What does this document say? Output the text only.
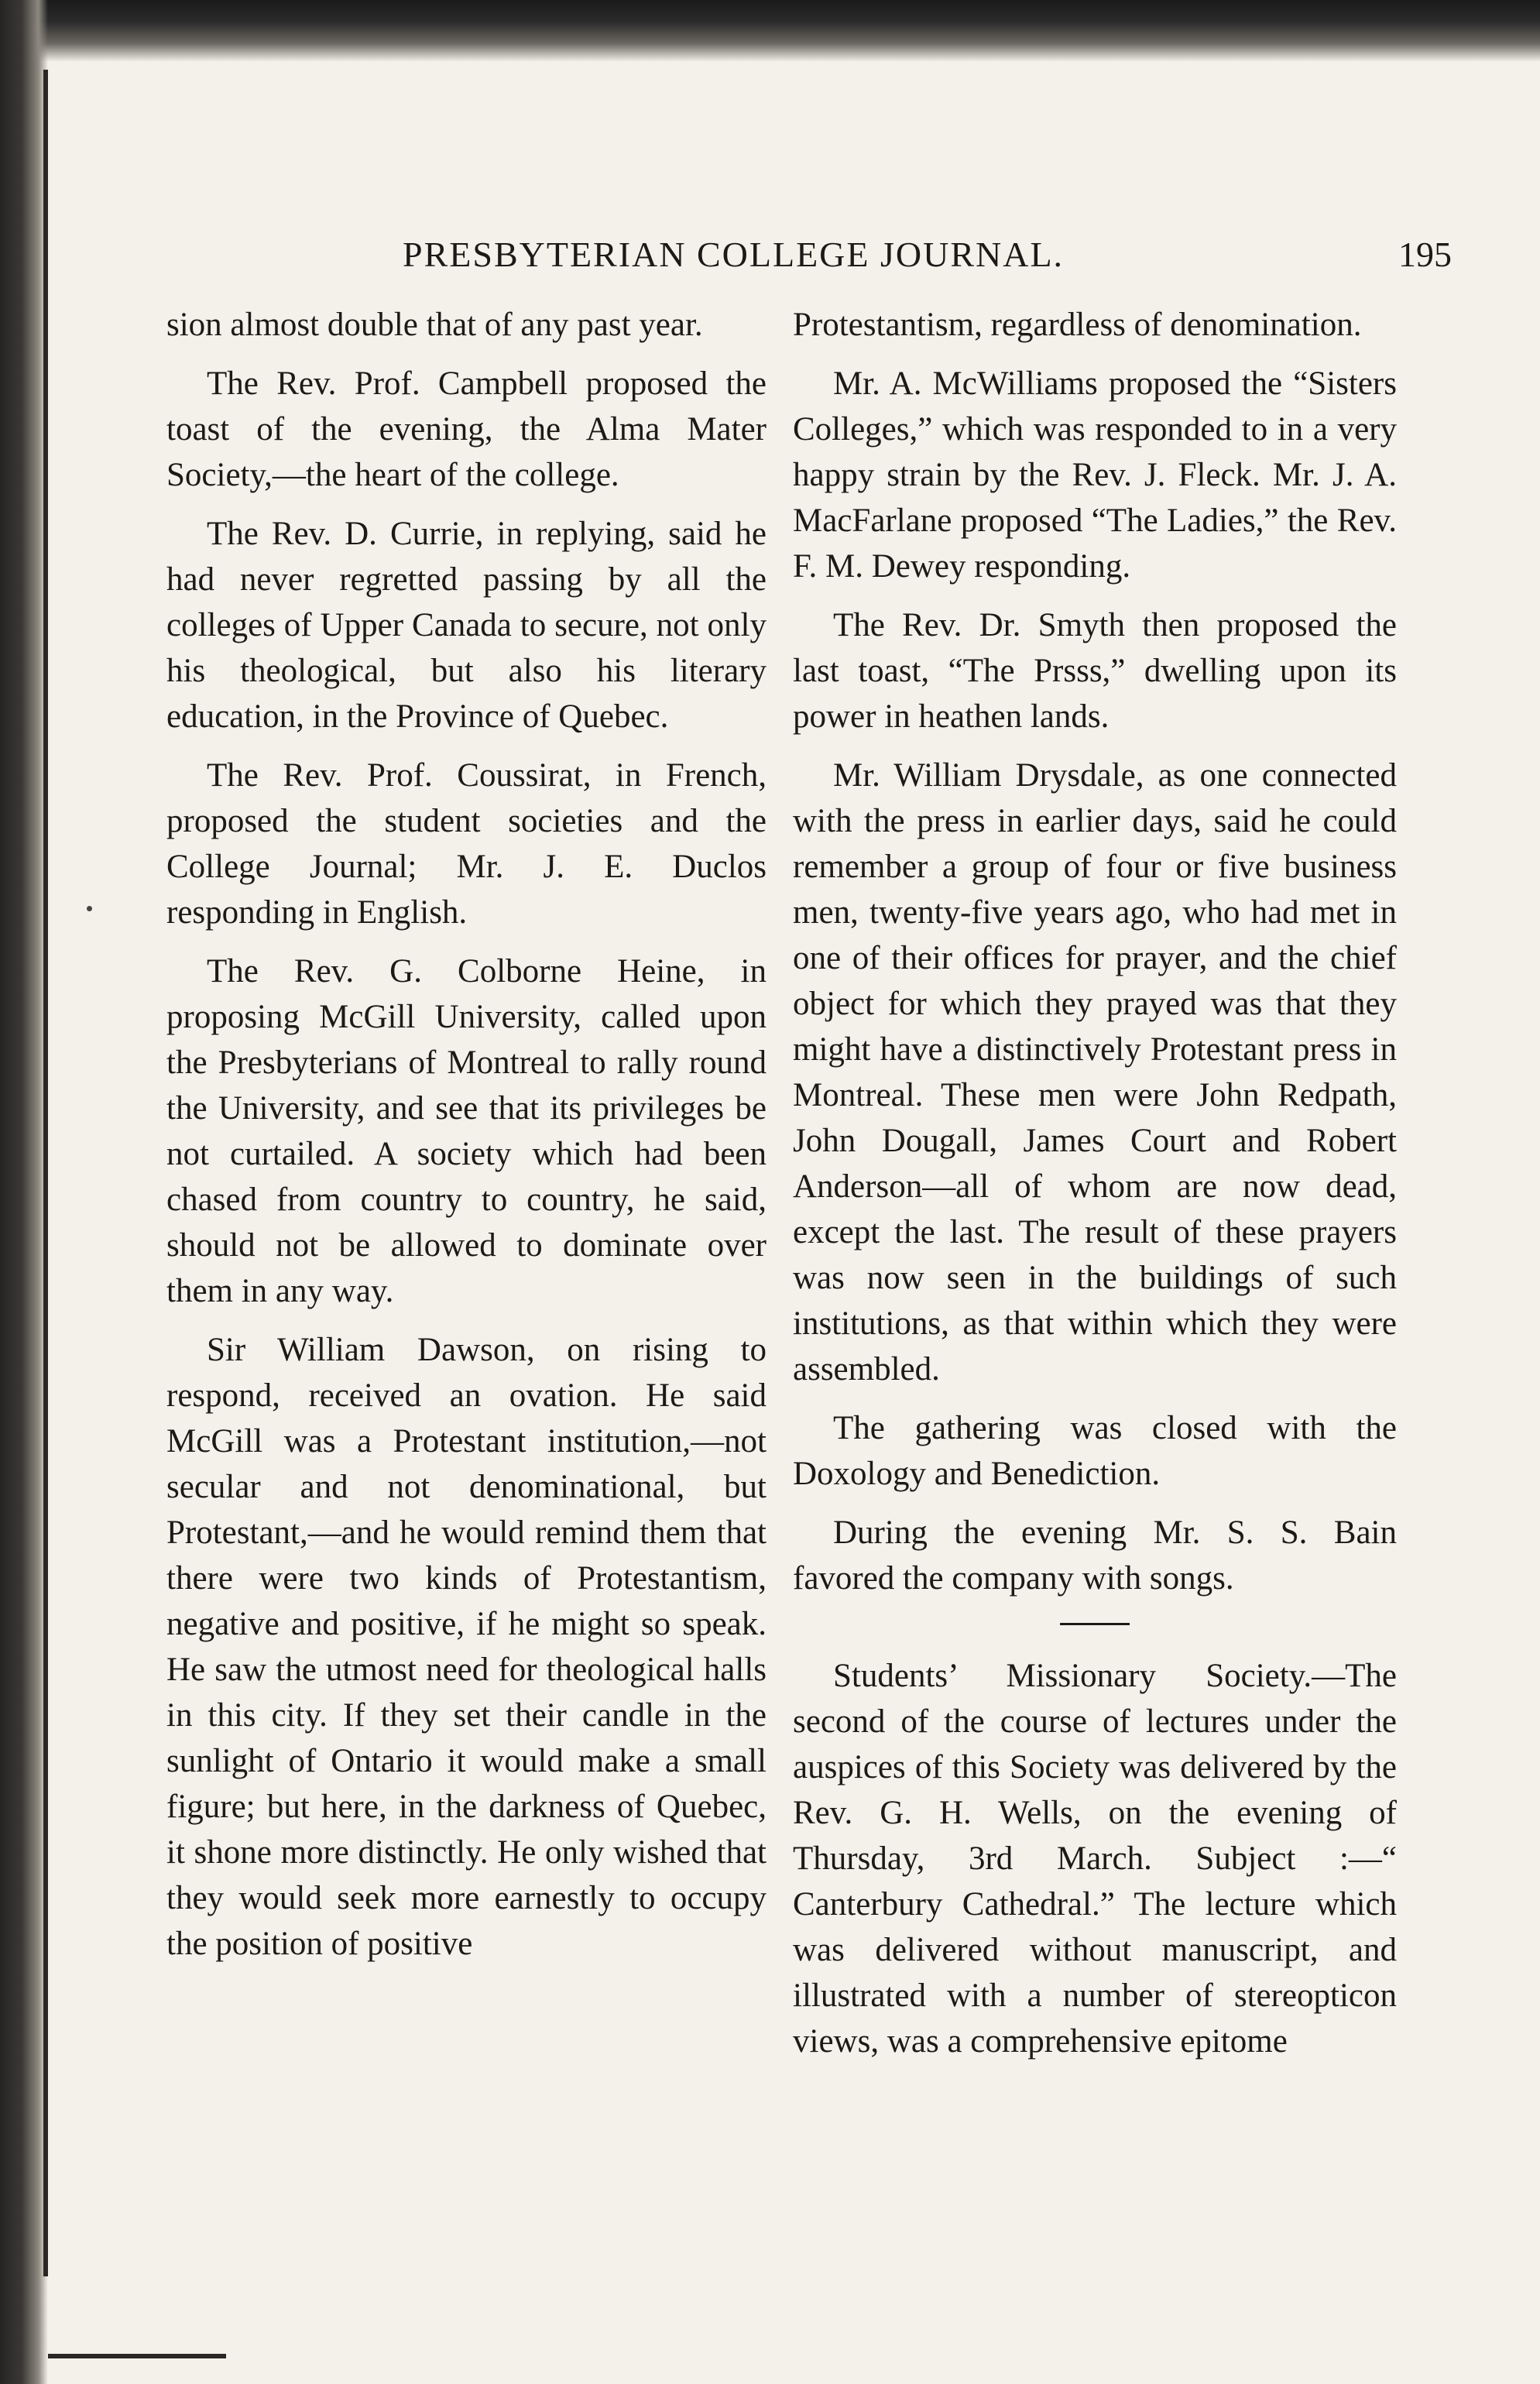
PRESBYTERIAN COLLEGE JOURNAL.	195

sion almost double that of any past year.

The Rev. Prof. Campbell proposed the toast of the evening, the Alma Mater Society,—the heart of the college.

The Rev. D. Currie, in replying, said he had never regretted passing by all the colleges of Upper Canada to secure, not only his theological, but also his literary education, in the Province of Quebec.

The Rev. Prof. Coussirat, in French, proposed the student societies and the College Journal; Mr. J. E. Duclos responding in English.

The Rev. G. Colborne Heine, in proposing McGill University, called upon the Presbyterians of Montreal to rally round the University, and see that its privileges be not curtailed. A society which had been chased from country to country, he said, should not be allowed to dominate over them in any way.

Sir William Dawson, on rising to respond, received an ovation. He said McGill was a Protestant institution,—not secular and not denominational, but Protestant,—and he would remind them that there were two kinds of Protestantism, negative and positive, if he might so speak. He saw the utmost need for theological halls in this city. If they set their candle in the sunlight of Ontario it would make a small figure; but here, in the darkness of Quebec, it shone more distinctly. He only wished that they would seek more earnestly to occupy the position of positive

Protestantism, regardless of denomination.

Mr. A. McWilliams proposed the “Sisters Colleges,” which was responded to in a very happy strain by the Rev. J. Fleck. Mr. J. A. MacFarlane proposed “The Ladies,” the Rev. F. M. Dewey responding.

The Rev. Dr. Smyth then proposed the last toast, “The Prsss,” dwelling upon its power in heathen lands.

Mr. William Drysdale, as one connected with the press in earlier days, said he could remember a group of four or five business men, twenty-five years ago, who had met in one of their offices for prayer, and the chief object for which they prayed was that they might have a distinctively Protestant press in Montreal. These men were John Redpath, John Dougall, James Court and Robert Anderson—all of whom are now dead, except the last. The result of these prayers was now seen in the buildings of such institutions, as that within which they were assembled.

The gathering was closed with the Doxology and Benediction.

During the evening Mr. S. S. Bain favored the company with songs.

Students’ Missionary Society.—The second of the course of lectures under the auspices of this Society was delivered by the Rev. G. H. Wells, on the evening of Thursday, 3rd March. Subject :—“ Canterbury Cathedral.” The lecture which was delivered without manuscript, and illustrated with a number of stereopticon views, was a comprehensive epitome
